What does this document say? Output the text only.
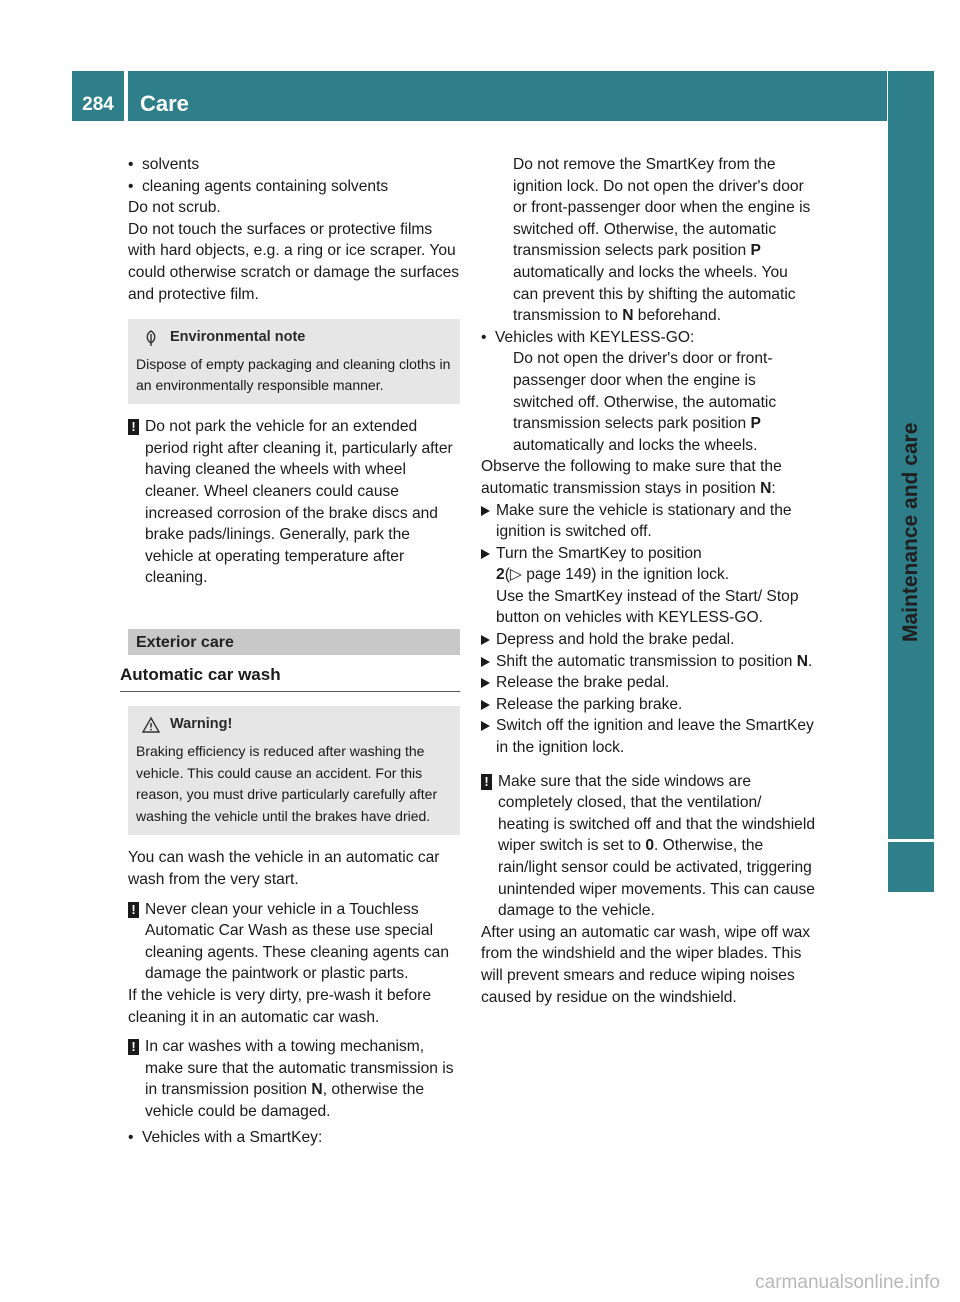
284	Care
Maintenance and care

• solvents

• cleaning agents containing solvents

Do not scrub.

Do not touch the surfaces or protective films with hard objects, e.g. a ring or ice scraper. You could otherwise scratch or damage the surfaces and protective film.

Environmental note
Dispose of empty packaging and cleaning cloths in an environmentally responsible manner.

! Do not park the vehicle for an extended period right after cleaning it, particularly after having cleaned the wheels with wheel cleaner. Wheel cleaners could cause increased corrosion of the brake discs and brake pads/linings. Generally, park the vehicle at operating temperature after cleaning.

Exterior care
Automatic car wash
Warning!
Braking efficiency is reduced after washing the vehicle. This could cause an accident. For this reason, you must drive particularly carefully after washing the vehicle until the brakes have dried.

You can wash the vehicle in an automatic car wash from the very start.

! Never clean your vehicle in a Touchless Automatic Car Wash as these use special cleaning agents. These cleaning agents can damage the paintwork or plastic parts.

If the vehicle is very dirty, pre-wash it before cleaning it in an automatic car wash.

! In car washes with a towing mechanism, make sure that the automatic transmission is in transmission position N, otherwise the vehicle could be damaged.

• Vehicles with a SmartKey:

Do not remove the SmartKey from the ignition lock. Do not open the driver's door or front-passenger door when the engine is switched off. Otherwise, the automatic transmission selects park position P automatically and locks the wheels. You can prevent this by shifting the automatic transmission to N beforehand.

• Vehicles with KEYLESS-GO:

Do not open the driver's door or front-passenger door when the engine is switched off. Otherwise, the automatic transmission selects park position P automatically and locks the wheels.

Observe the following to make sure that the automatic transmission stays in position N:

Make sure the vehicle is stationary and the ignition is switched off.

Turn the SmartKey to position
2(▷ page 149) in the ignition lock.
Use the SmartKey instead of the Start/ Stop button on vehicles with KEYLESS-GO.

Depress and hold the brake pedal.

Shift the automatic transmission to position N.

Release the brake pedal.

Release the parking brake.

Switch off the ignition and leave the SmartKey in the ignition lock.

! Make sure that the side windows are completely closed, that the ventilation/ heating is switched off and that the windshield wiper switch is set to 0. Otherwise, the rain/light sensor could be activated, triggering unintended wiper movements. This can cause damage to the vehicle.

After using an automatic car wash, wipe off wax from the windshield and the wiper blades. This will prevent smears and reduce wiping noises caused by residue on the windshield.

carmanualsonline.info
